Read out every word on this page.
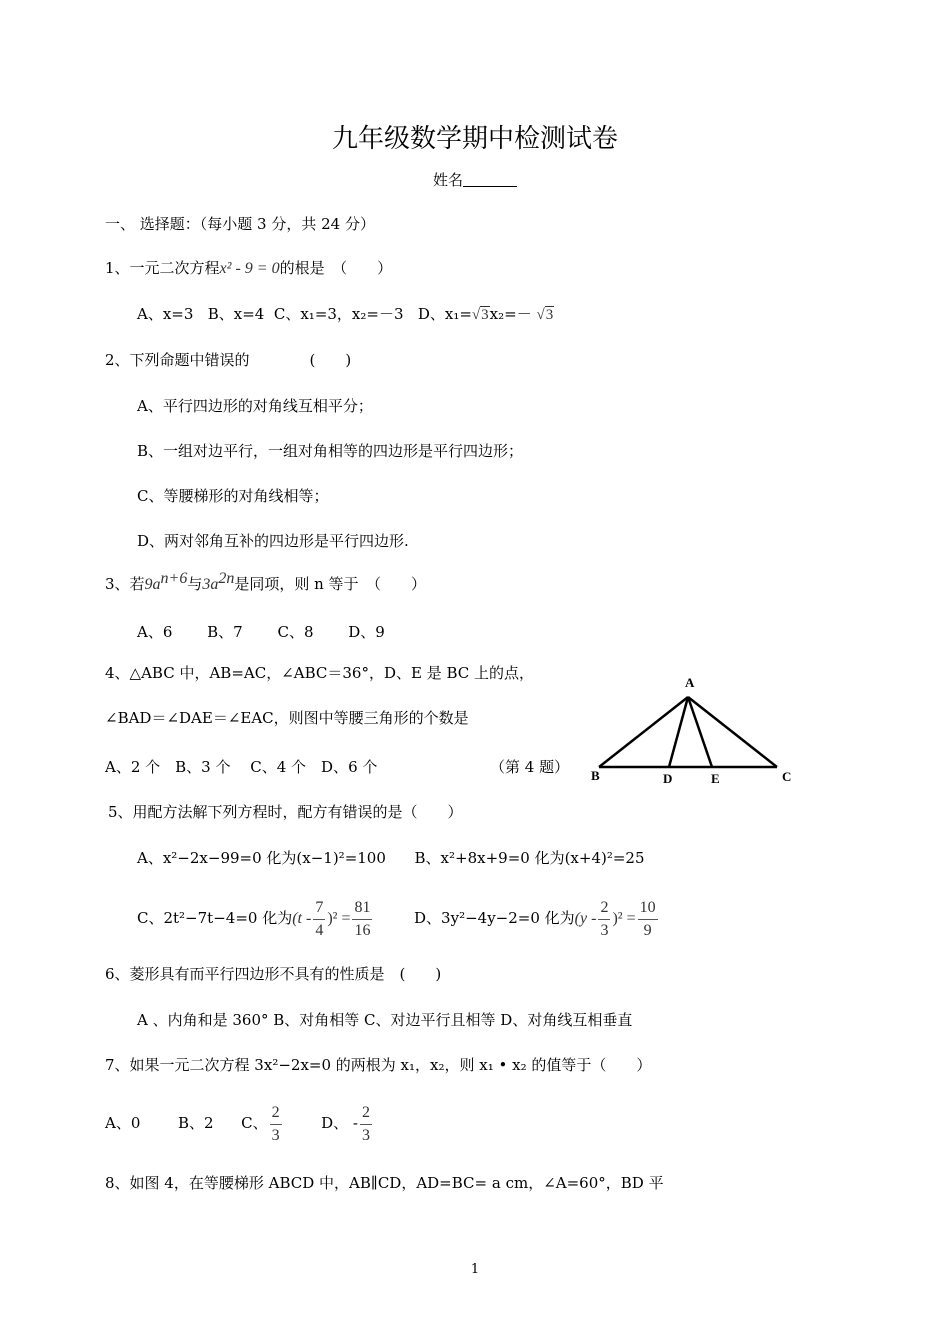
九年级数学期中检测试卷
姓名
一、 选择题：（每小题 3 分，共 24 分）
1、一元二次方程x² - 9 = 0的根是　（　　）
A、x=3 B、x=4 C、x₁=3，x₂=－3 D、x₁=√3x₂=－ √3
2、下列命题中错误的	(　　)
A、平行四边形的对角线互相平分；
B、一组对边平行，一组对角相等的四边形是平行四边形；
C、等腰梯形的对角线相等；
D、两对邻角互补的四边形是平行四边形.
3、若$9a^{n+6}$与$3a^{2n}$是同项，则 n 等于　（　　）
A、6　　 B、7　　 C、8　　 D、9
4、△ABC 中，AB=AC，∠ABC＝36°，D、E 是 BC 上的点，
∠BAD＝∠DAE＝∠EAC，则图中等腰三角形的个数是
A、2 个　B、3 个　 C、4 个　D、6 个	（第 4 题）
A
B	C
D	E
5、用配方法解下列方程时，配方有错误的是（　　）
A、x²−2x−99=0 化为(x−1)²=100 B、x²+8x+9=0 化为(x+4)²=25
C、2t²−7t−4=0 化为$(t - \frac{7}{4} )^2 = \frac{81}{16}$	D、3y²−4y−2=0 化为$(y - \frac{2}{3} )^2 = \frac{10}{9}$
6、菱形具有而平行四边形不具有的性质是　(　　)
A 、内角和是 360° B、对角相等 C、对边平行且相等 D、对角线互相垂直
7、如果一元二次方程 3x²−2x=0 的两根为 x₁，x₂，则 x₁ • x₂ 的值等于（　　）
A、0	B、2 C、 $\frac{2}{3}$	D、 - $\frac{2}{3}$
8、如图 4，在等腰梯形 ABCD 中，AB∥CD，AD=BC= a cm，∠A=60°，BD 平
1
